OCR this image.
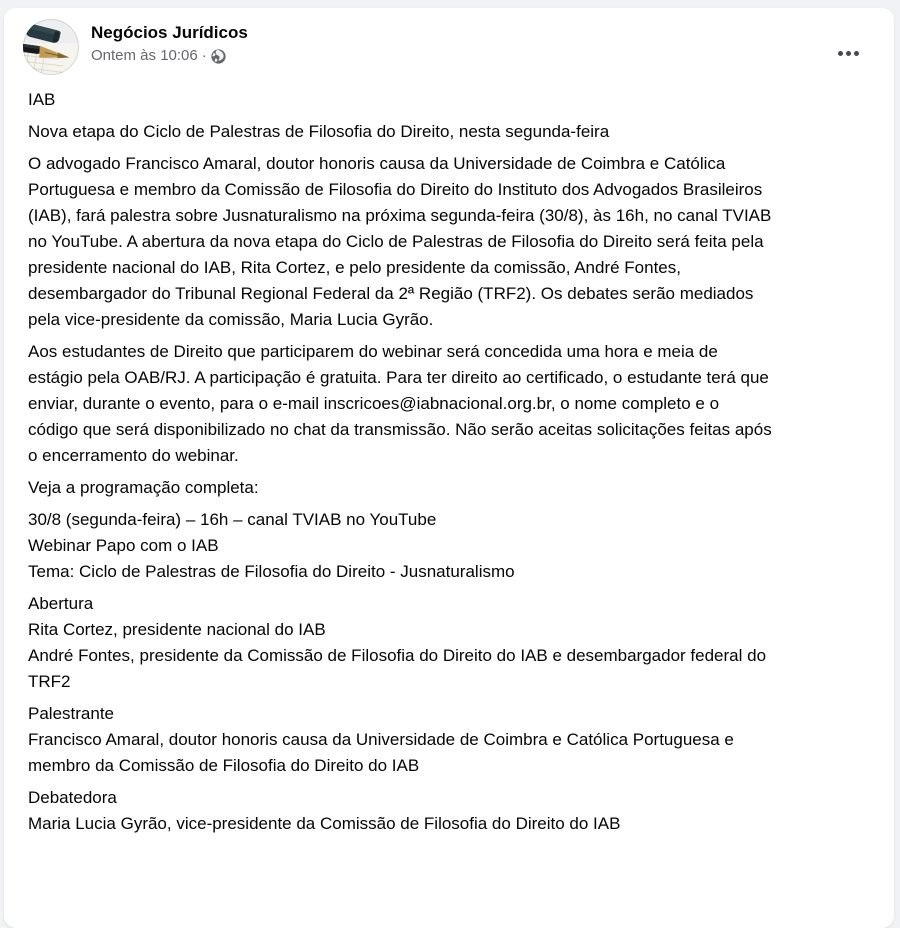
Negócios Jurídicos
Ontem às 10:06 ·

IAB

Nova etapa do Ciclo de Palestras de Filosofia do Direito, nesta segunda-feira

O advogado Francisco Amaral, doutor honoris causa da Universidade de Coimbra e Católica
Portuguesa e membro da Comissão de Filosofia do Direito do Instituto dos Advogados Brasileiros
(IAB), fará palestra sobre Jusnaturalismo na próxima segunda-feira (30/8), às 16h, no canal TVIAB
no YouTube. A abertura da nova etapa do Ciclo de Palestras de Filosofia do Direito será feita pela
presidente nacional do IAB, Rita Cortez, e pelo presidente da comissão, André Fontes,
desembargador do Tribunal Regional Federal da 2ª Região (TRF2). Os debates serão mediados
pela vice-presidente da comissão, Maria Lucia Gyrão.

Aos estudantes de Direito que participarem do webinar será concedida uma hora e meia de
estágio pela OAB/RJ. A participação é gratuita. Para ter direito ao certificado, o estudante terá que
enviar, durante o evento, para o e-mail inscricoes@iabnacional.org.br, o nome completo e o
código que será disponibilizado no chat da transmissão. Não serão aceitas solicitações feitas após
o encerramento do webinar.

Veja a programação completa:

30/8 (segunda-feira) – 16h – canal TVIAB no YouTube
Webinar Papo com o IAB
Tema: Ciclo de Palestras de Filosofia do Direito - Jusnaturalismo

Abertura
Rita Cortez, presidente nacional do IAB
André Fontes, presidente da Comissão de Filosofia do Direito do IAB e desembargador federal do
TRF2

Palestrante
Francisco Amaral, doutor honoris causa da Universidade de Coimbra e Católica Portuguesa e
membro da Comissão de Filosofia do Direito do IAB

Debatedora
Maria Lucia Gyrão, vice-presidente da Comissão de Filosofia do Direito do IAB
